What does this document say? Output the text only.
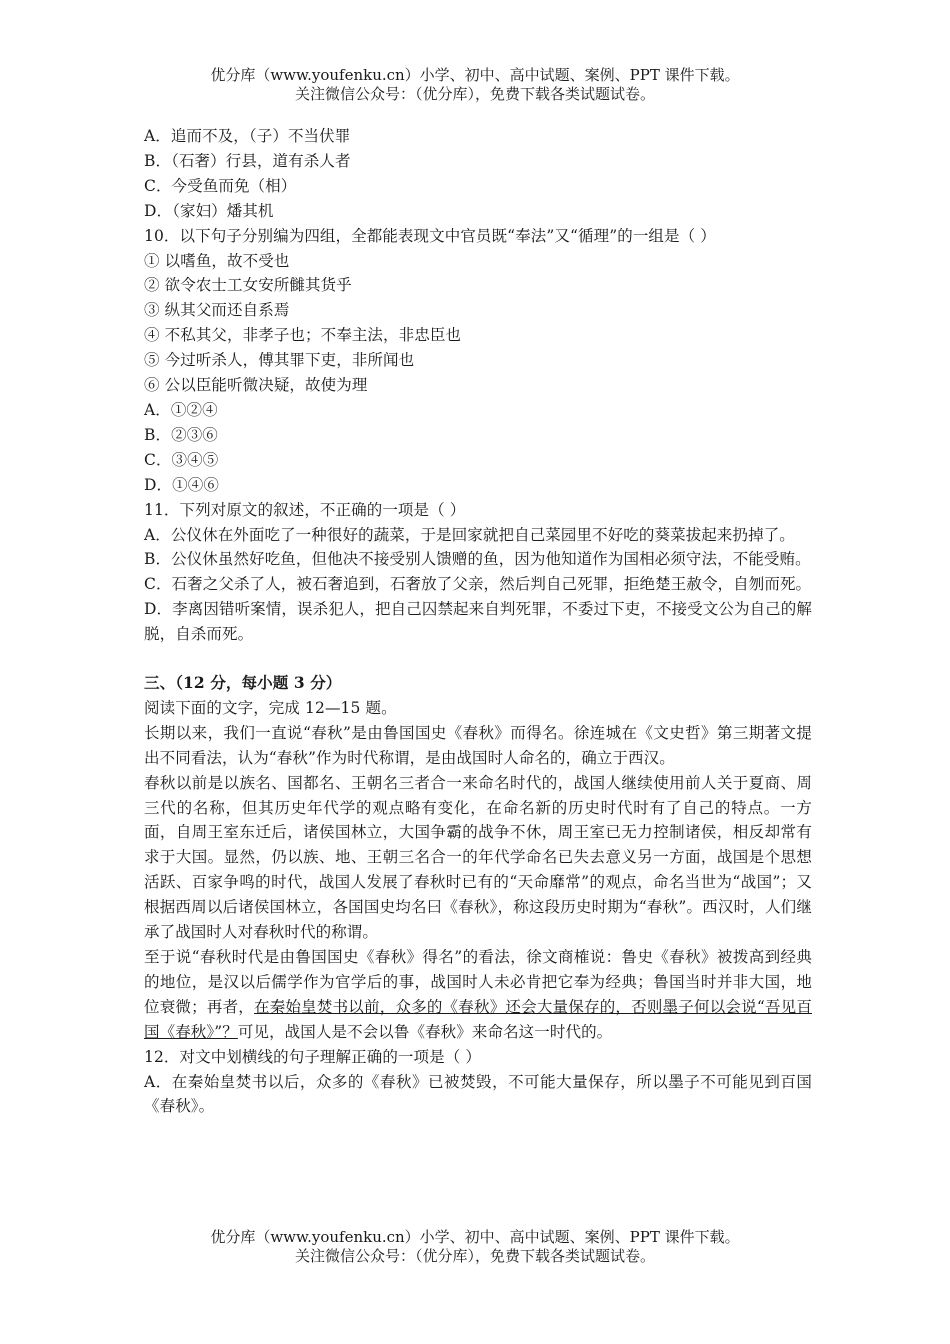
优分库（www.youfenku.cn）小学、初中、高中试题、案例、PPT 课件下载。
关注微信公众号：（优分库），免费下载各类试题试卷。

A．追而不及，（子）不当伏罪

B．（石奢）行县，道有杀人者

C．今受鱼而免（相）

D．（家妇）燔其机

10．以下句子分别编为四组，全都能表现文中官员既“奉法”又“循理”的一组是（ ）

① 以嗜鱼，故不受也

② 欲令农士工女安所雠其货乎

③ 纵其父而还自系焉

④ 不私其父，非孝子也；不奉主法，非忠臣也

⑤ 今过听杀人，傅其罪下吏，非所闻也

⑥ 公以臣能听微决疑，故使为理

A．①②④

B．②③⑥

C．③④⑤

D．①④⑥

11．下列对原文的叙述，不正确的一项是（ ）

A．公仪休在外面吃了一种很好的蔬菜，于是回家就把自己菜园里不好吃的葵菜拔起来扔掉了。

B．公仪休虽然好吃鱼，但他决不接受别人馈赠的鱼，因为他知道作为国相必须守法，不能受贿。

C．石奢之父杀了人，被石奢追到，石奢放了父亲，然后判自己死罪，拒绝楚王赦令，自刎而死。

D．李离因错听案情，误杀犯人，把自己囚禁起来自判死罪，不委过下吏，不接受文公为自己的解脱，自杀而死。

三、（12 分，每小题 3 分）

阅读下面的文字，完成 12—15 题。

长期以来，我们一直说“春秋”是由鲁国国史《春秋》而得名。徐连城在《文史哲》第三期著文提出不同看法，认为“春秋”作为时代称谓，是由战国时人命名的，确立于西汉。

春秋以前是以族名、国都名、王朝名三者合一来命名时代的，战国人继续使用前人关于夏商、周三代的名称，但其历史年代学的观点略有变化，在命名新的历史时代时有了自己的特点。一方面，自周王室东迁后，诸侯国林立，大国争霸的战争不休，周王室已无力控制诸侯，相反却常有求于大国。显然，仍以族、地、王朝三名合一的年代学命名已失去意义另一方面，战国是个思想活跃、百家争鸣的时代，战国人发展了春秋时已有的“天命靡常”的观点，命名当世为“战国”；又根据西周以后诸侯国林立，各国国史均名曰《春秋》，称这段历史时期为“春秋”。西汉时，人们继承了战国时人对春秋时代的称谓。

至于说“春秋时代是由鲁国国史《春秋》得名”的看法，徐文商榷说：鲁史《春秋》被拨高到经典的地位，是汉以后儒学作为官学后的事，战国时人未必肯把它奉为经典；鲁国当时并非大国，地位衰微；再者，在秦始皇焚书以前，众多的《春秋》还会大量保存的，否则墨子何以会说“吾见百国《春秋》”？可见，战国人是不会以鲁《春秋》来命名这一时代的。

12．对文中划横线的句子理解正确的一项是（ ）

A．在秦始皇焚书以后，众多的《春秋》已被焚毁，不可能大量保存，所以墨子不可能见到百国《春秋》。

优分库（www.youfenku.cn）小学、初中、高中试题、案例、PPT 课件下载。
关注微信公众号：（优分库），免费下载各类试题试卷。
